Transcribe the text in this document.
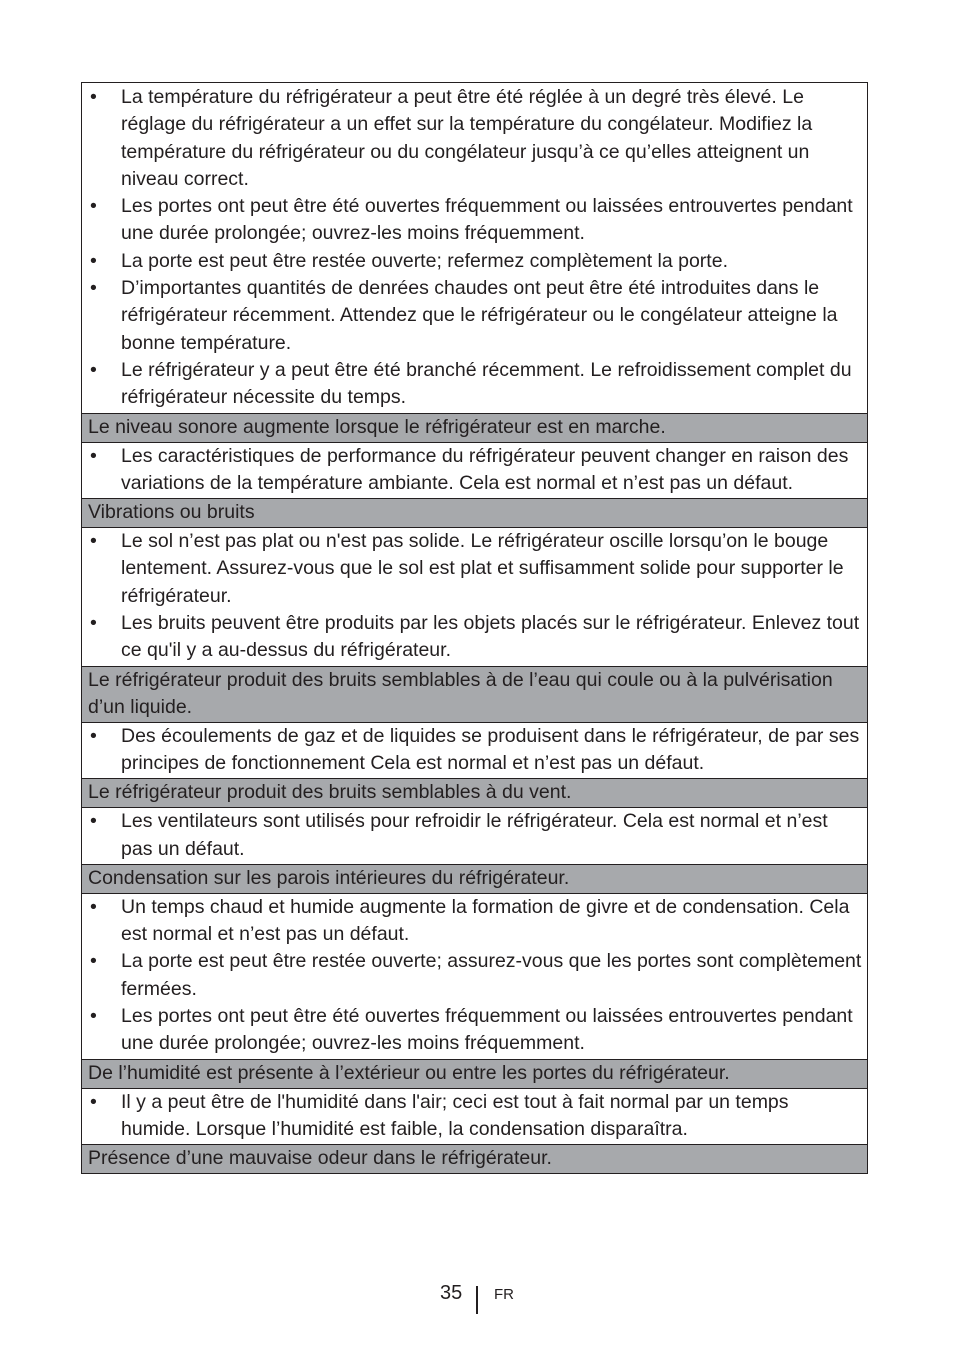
•	La température du réfrigérateur a peut être été réglée à un degré très élevé. Le réglage du réfrigérateur a un effet sur la température du congélateur. Modifiez la température du réfrigérateur ou du congélateur jusqu’à ce qu’elles atteignent un niveau correct.
•	Les portes ont peut être été ouvertes fréquemment ou laissées entrouvertes pendant une durée prolongée; ouvrez-les moins fréquemment.
•	La porte est peut être restée ouverte; refermez complètement la porte.
•	D’importantes quantités de denrées chaudes ont peut être été introduites dans le réfrigérateur récemment. Attendez que le réfrigérateur ou le congélateur atteigne la bonne température.
•	Le réfrigérateur y a peut être été branché récemment. Le refroidissement complet du réfrigérateur nécessite du temps.
Le niveau sonore augmente lorsque le réfrigérateur est en marche.
•	Les caractéristiques de performance du réfrigérateur peuvent changer en raison des variations de la température ambiante. Cela est normal et n’est pas un défaut.
Vibrations ou bruits
•	Le sol n’est pas plat ou n'est pas solide. Le réfrigérateur oscille lorsqu’on le bouge lentement. Assurez-vous que le sol est plat et suffisamment solide pour supporter le réfrigérateur.
•	Les bruits peuvent être produits par les objets placés sur le réfrigérateur. Enlevez tout ce qu'il y a au-dessus du réfrigérateur.
Le réfrigérateur produit des bruits semblables à de l’eau qui coule ou à la pulvérisation d’un liquide.
•	Des écoulements de gaz et de liquides se produisent dans le réfrigérateur, de par ses principes de fonctionnement Cela est normal et n’est pas un défaut.
Le réfrigérateur produit des bruits semblables à du vent.
•	Les ventilateurs sont utilisés pour refroidir le réfrigérateur. Cela est normal et n’est pas un défaut.
Condensation sur les parois intérieures du réfrigérateur.
•	Un temps chaud et humide augmente la formation de givre et de condensation. Cela est normal et n’est pas un défaut.
•	La porte est peut être restée ouverte; assurez-vous que les portes sont complètement fermées.
•	Les portes ont peut être été ouvertes fréquemment ou laissées entrouvertes pendant une durée prolongée; ouvrez-les moins fréquemment.
De l’humidité est présente à l’extérieur ou entre les portes du réfrigérateur.
•	Il y a peut être de l'humidité dans l'air; ceci est tout à fait normal par un temps humide. Lorsque l’humidité est faible, la condensation disparaîtra.
Présence d’une mauvaise odeur dans le réfrigérateur.
35 FR
